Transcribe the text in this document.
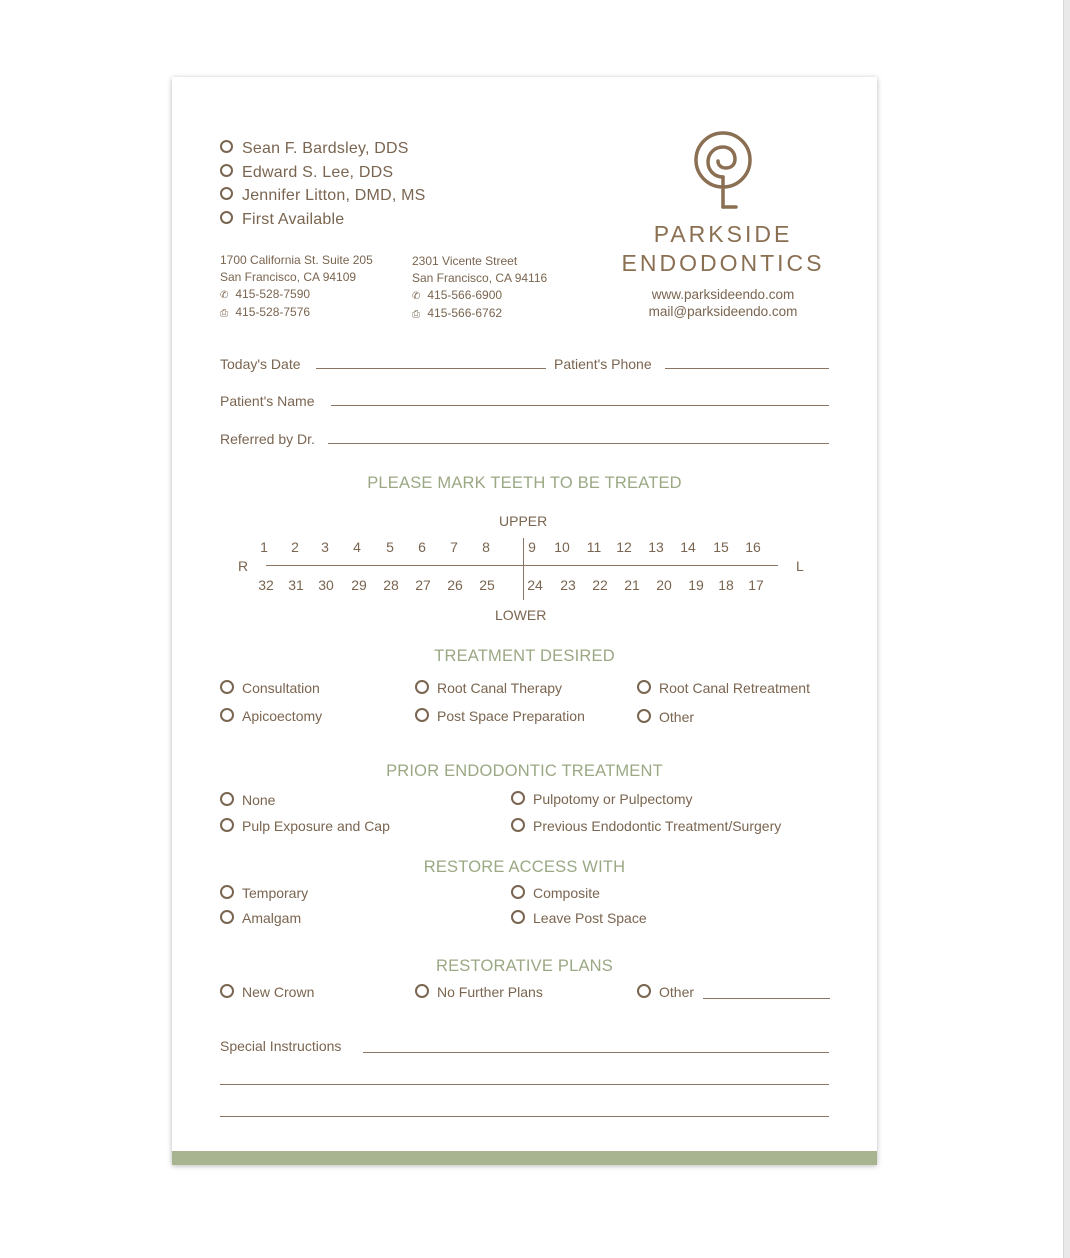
Sean F. Bardsley, DDS
Edward S. Lee, DDS
Jennifer Litton, DMD, MS
First Available
1700 California St. Suite 205
San Francisco, CA 94109
✆ 415-528-7590
⎙ 415-528-7576
2301 Vicente Street
San Francisco, CA 94116
✆ 415-566-6900
⎙ 415-566-6762
PARKSIDE
ENDODONTICS
www.parksideendo.com
mail@parksideendo.com
Today's Date	Patient's Phone
Patient's Name
Referred by Dr.
PLEASE MARK TEETH TO BE TREATED
UPPER
LOWER
R	L
1	2	3	4	5	6	7	8	9	10	11	12	13	14	15	16
32	31	30	29	28	27	26	25	24	23	22	21	20	19	18	17
TREATMENT DESIRED
Consultation	Root Canal Therapy	Root Canal Retreatment
Apicoectomy	Post Space Preparation	Other
PRIOR ENDODONTIC TREATMENT
None	Pulpotomy or Pulpectomy
Pulp Exposure and Cap	Previous Endodontic Treatment/Surgery
RESTORE ACCESS WITH
Temporary	Composite
Amalgam	Leave Post Space
RESTORATIVE PLANS
New Crown	No Further Plans	Other
Special Instructions
